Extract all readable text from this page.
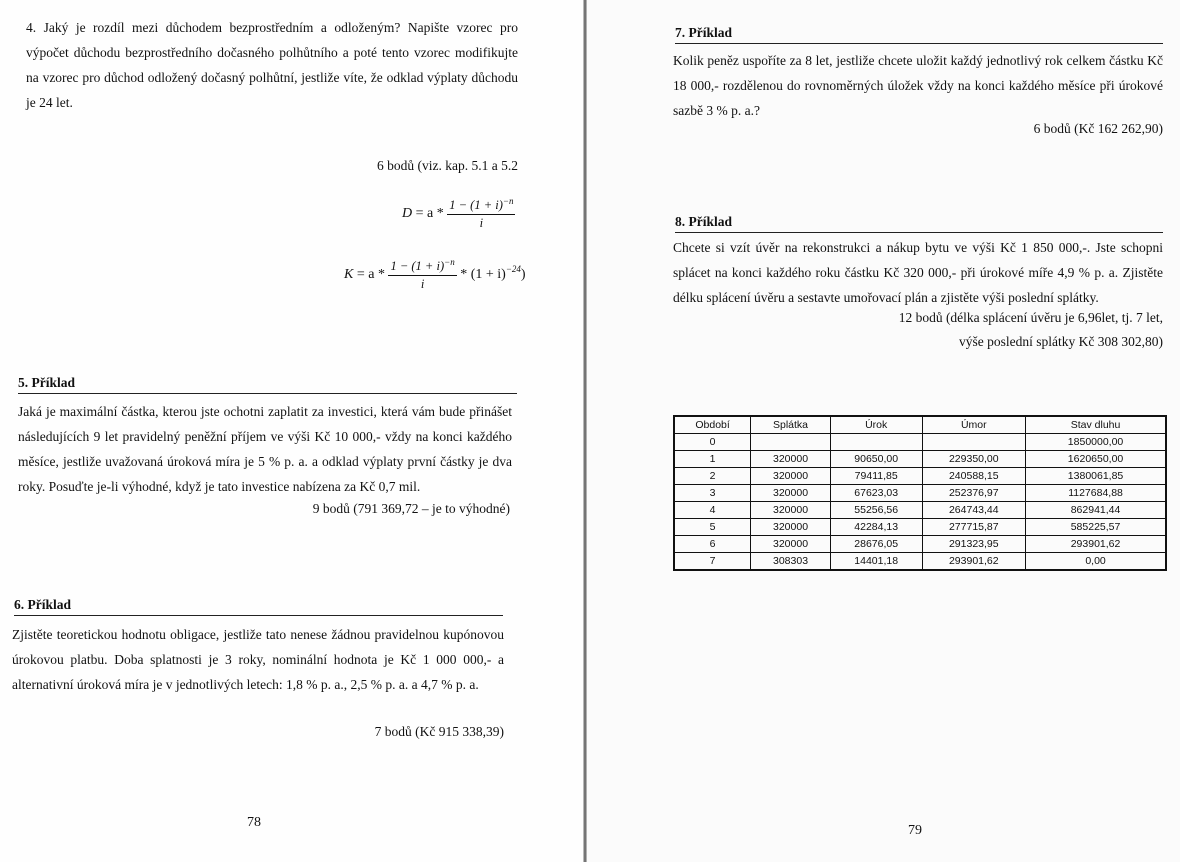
4. Jaký je rozdíl mezi důchodem bezprostředním a odloženým? Napište vzorec pro výpočet důchodu bezprostředního dočasného polhůtního a poté tento vzorec modifikujte na vzorec pro důchod odložený dočasný polhůtní, jestliže víte, že odklad výplaty důchodu je 24 let.

6 bodů (viz. kap. 5.1 a 5.2

$D = a * \frac{1 - (1 + i)^{-n}}{i}$
$K = a * \frac{1 - (1 + i)^{-n}}{i} * (1 + i)^{-24}$)
5. Příklad

Jaká je maximální částka, kterou jste ochotni zaplatit za investici, která vám bude přinášet následujících 9 let pravidelný peněžní příjem ve výši Kč 10 000,- vždy na konci každého měsíce, jestliže uvažovaná úroková míra je 5 % p. a. a odklad výplaty první částky je dva roky. Posuďte je-li výhodné, když je tato investice nabízena za Kč 0,7 mil.

9 bodů (791 369,72 – je to výhodné)

6. Příklad

Zjistěte teoretickou hodnotu obligace, jestliže tato nenese žádnou pravidelnou kupónovou úrokovou platbu. Doba splatnosti je 3 roky, nominální hodnota je Kč 1 000 000,- a alternativní úroková míra je v jednotlivých letech: 1,8 % p. a., 2,5 % p. a. a 4,7 % p. a.

7 bodů (Kč 915 338,39)

78
7. Příklad

Kolik peněz uspoříte za 8 let, jestliže chcete uložit každý jednotlivý rok celkem částku Kč 18 000,- rozdělenou do rovnoměrných úložek vždy na konci každého měsíce při úrokové sazbě 3 % p. a.?

6 bodů (Kč 162 262,90)

8. Příklad

Chcete si vzít úvěr na rekonstrukci a nákup bytu ve výši Kč 1 850 000,-. Jste schopni splácet na konci každého roku částku Kč 320 000,- při úrokové míře 4,9 % p. a. Zjistěte délku splácení úvěru a sestavte umořovací plán a zjistěte výši poslední splátky.

12 bodů (délka splácení úvěru je 6,96let, tj. 7 let,

výše poslední splátky Kč 308 302,80)

Období	Splátka	Úrok	Úmor	Stav dluhu
0				1850000,00
1	320000	90650,00	229350,00	1620650,00
2	320000	79411,85	240588,15	1380061,85
3	320000	67623,03	252376,97	1127684,88
4	320000	55256,56	264743,44	862941,44
5	320000	42284,13	277715,87	585225,57
6	320000	28676,05	291323,95	293901,62
7	308303	14401,18	293901,62	0,00
79
